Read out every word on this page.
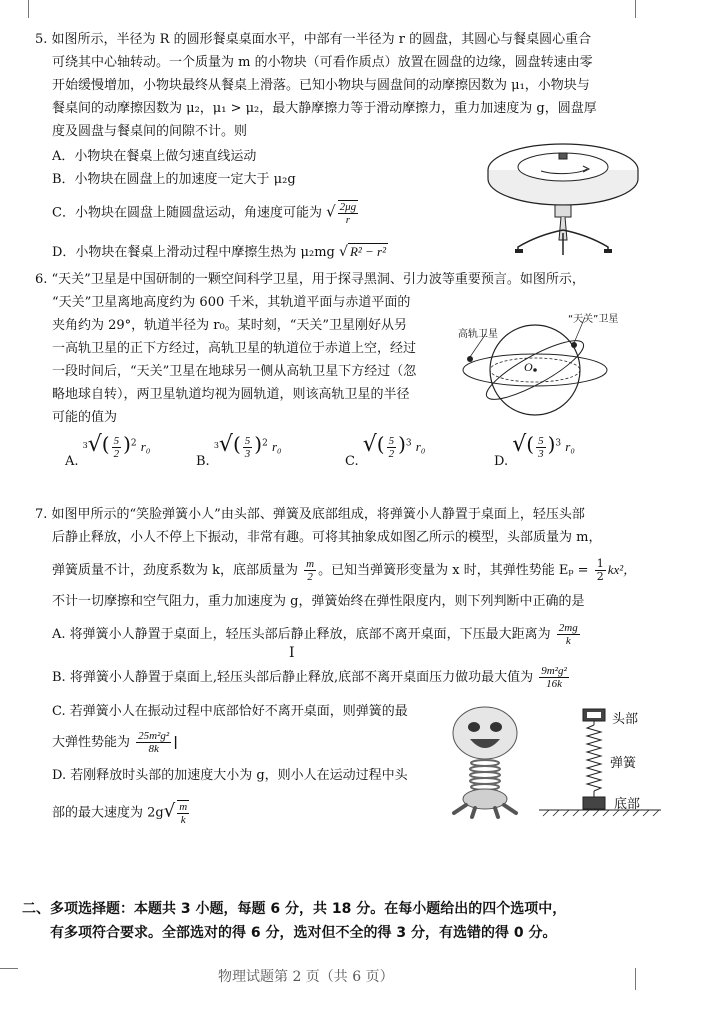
5. 如图所示，半径为 R 的圆形餐桌桌面水平，中部有一半径为 r 的圆盘，其圆心与餐桌圆心重合
可绕其中心轴转动。一个质量为 m 的小物块（可看作质点）放置在圆盘的边缘，圆盘转速由零
开始缓慢增加，小物块最终从餐桌上滑落。已知小物块与圆盘间的动摩擦因数为 μ₁，小物块与
餐桌间的动摩擦因数为 μ₂，μ₁ > μ₂，最大静摩擦力等于滑动摩擦力，重力加速度为 g，圆盘厚
度及圆盘与餐桌间的间隙不计。则
A．小物块在餐桌上做匀速直线运动
B．小物块在圆盘上的加速度一定大于 μ₂g
C．小物块在圆盘上随圆盘运动，角速度可能为 √ $\frac{2\mu g}{r}$
D．小物块在餐桌上滑动过程中摩擦生热为 μ₂mg √ R² − r²
6. “天关”卫星是中国研制的一颗空间科学卫星，用于探寻黑洞、引力波等重要预言。如图所示，
“天关”卫星离地高度约为 600 千米，其轨道平面与赤道平面的
夹角约为 29°，轨道半径为 r₀。某时刻，“天关”卫星刚好从另
一高轨卫星的正下方经过，高轨卫星的轨道位于赤道上空，经过
一段时间后，“天关”卫星在地球另一侧从高轨卫星下方经过（忽
略地球自转），两卫星轨道均视为圆轨道，则该高轨卫星的半径
可能的值为
高轨卫星
“天关”卫星
O
A. $^3√( \frac{5}{2} )^2$ r₀
B. $^3√( \frac{5}{3} )^2$ r₀
C. √( $\frac{5}{2} )^3$ r₀
D. √( $\frac{5}{3} )^3$ r₀
7. 如图甲所示的“笑脸弹簧小人”由头部、弹簧及底部组成，将弹簧小人静置于桌面上，轻压头部
后静止释放，小人不停上下振动，非常有趣。可将其抽象成如图乙所示的模型，头部质量为 m，
弹簧质量不计，劲度系数为 k，底部质量为 $\frac{m}{2}$ 。已知当弹簧形变量为 x 时，其弹性势能 $E_p = \frac{1}{2} kx^2$，
不计一切摩擦和空气阻力，重力加速度为 g，弹簧始终在弹性限度内，则下列判断中正确的是
A. 将弹簧小人静置于桌面上，轻压头部后静止释放，底部不离开桌面，下压最大距离为 $\frac{2mg}{k}$
I
B. 将弹簧小人静置于桌面上,轻压头部后静止释放,底部不离开桌面压力做功最大值为 $\frac{\text{9m²g²}}{16k}$
C. 若弹簧小人在振动过程中底部恰好不离开桌面，则弹簧的最
大弹性势能为 $\frac{\text{25m²g²}}{8k}$ |
D. 若刚释放时头部的加速度大小为 g，则小人在运动过程中头
部的最大速度为 $2g√ \frac{m}{k}$
头部
弹簧
底部
二、多项选择题：本题共 3 小题，每题 6 分，共 18 分。在每小题给出的四个选项中，
有多项符合要求。全部选对的得 6 分，选对但不全的得 3 分，有选错的得 0 分。
物理试题第 2 页（共 6 页）
